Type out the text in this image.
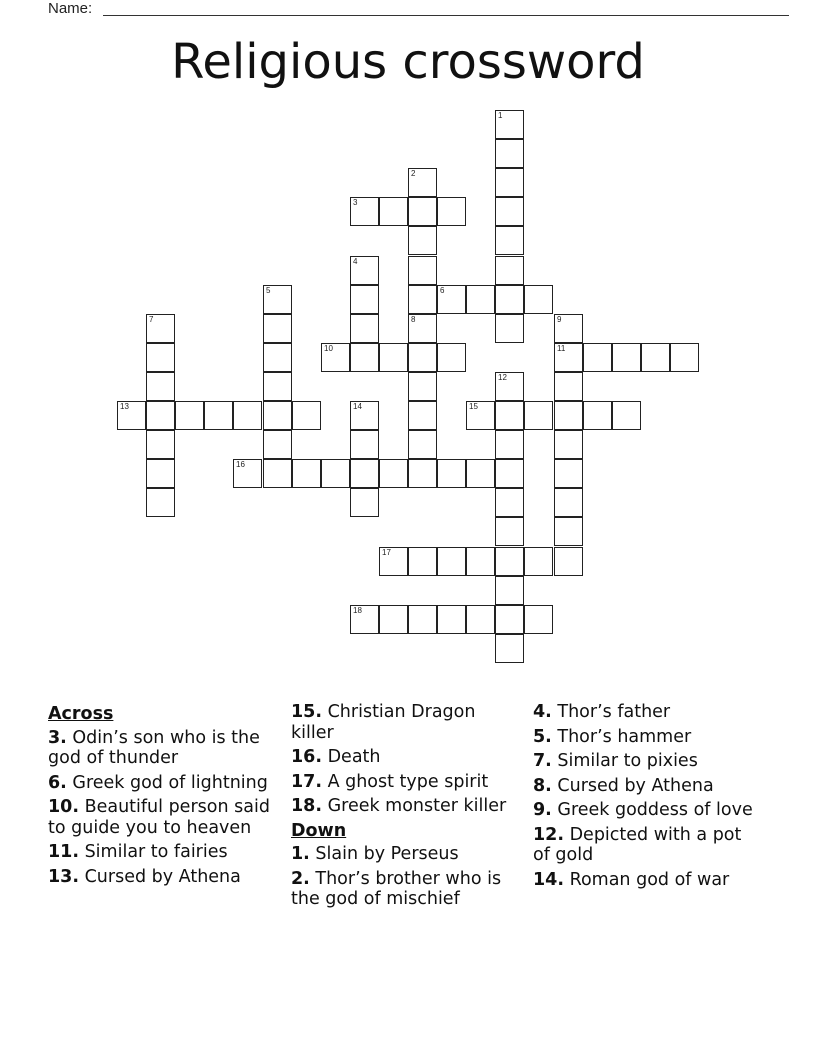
Name:
Religious crossword
1
2
3
4
5	6
7	8	9
11
10
12
13	14	15
16
17
18
Across
3. Odin’s son who is the god of thunder
6. Greek god of lightning
10. Beautiful person said to guide you to heaven
11. Similar to fairies
13. Cursed by Athena
15. Christian Dragon killer
16. Death
17. A ghost type spirit
18. Greek monster killer
Down
1. Slain by Perseus
2. Thor’s brother who is the god of mischief
4. Thor’s father
5. Thor’s hammer
7. Similar to pixies
8. Cursed by Athena
9. Greek goddess of love
12. Depicted with a pot of gold
14. Roman god of war
